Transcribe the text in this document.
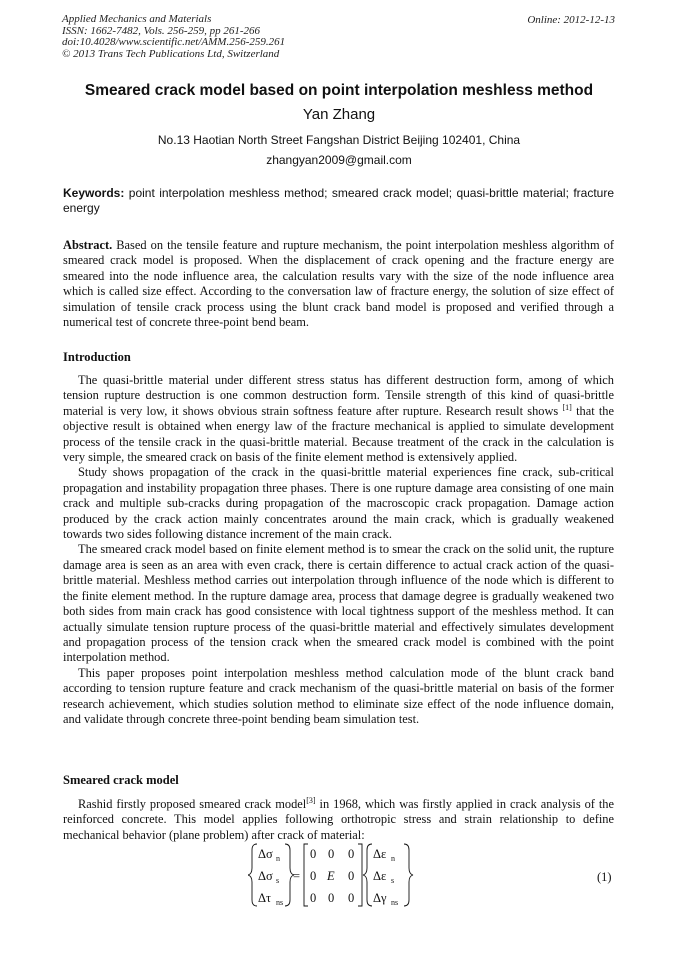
Applied Mechanics and Materials
ISSN: 1662-7482, Vols. 256-259, pp 261-266
doi:10.4028/www.scientific.net/AMM.256-259.261
© 2013 Trans Tech Publications Ltd, Switzerland
Online: 2012-12-13
Smeared crack model based on point interpolation meshless method
Yan Zhang
No.13 Haotian North Street Fangshan District Beijing 102401, China
zhangyan2009@gmail.com
Keywords: point interpolation meshless method; smeared crack model; quasi-brittle material; fracture energy

Abstract. Based on the tensile feature and rupture mechanism, the point interpolation meshless algorithm of smeared crack model is proposed. When the displacement of crack opening and the fracture energy are smeared into the node influence area, the calculation results vary with the size of the node influence area which is called size effect. According to the conversation law of fracture energy, the solution of size effect of simulation of tensile crack process using the blunt crack band model is proposed and verified through a numerical test of concrete three-point bend beam.

Introduction

The quasi-brittle material under different stress status has different destruction form, among of which tension rupture destruction is one common destruction form. Tensile strength of this kind of quasi-brittle material is very low, it shows obvious strain softness feature after rupture. Research result shows [1] that the objective result is obtained when energy law of the fracture mechanical is applied to simulate development process of the tensile crack in the quasi-brittle material. Because treatment of the crack in the calculation is very simple, the smeared crack on basis of the finite element method is extensively applied.

Study shows propagation of the crack in the quasi-brittle material experiences fine crack, sub-critical propagation and instability propagation three phases. There is one rupture damage area consisting of one main crack and multiple sub-cracks during propagation of the macroscopic crack propagation. Damage action produced by the crack action mainly concentrates around the main crack, which is gradually weakened towards two sides following distance increment of the main crack.

The smeared crack model based on finite element method is to smear the crack on the solid unit, the rupture damage area is seen as an area with even crack, there is certain difference to actual crack action of the quasi-brittle material. Meshless method carries out interpolation through influence of the node which is different to the finite element method. In the rupture damage area, process that damage degree is gradually weakened two both sides from main crack has good consistence with local tightness support of the meshless method. It can actually simulate tension rupture process of the quasi-brittle material and effectively simulates development and propagation process of the tension crack when the smeared crack model is combined with the point interpolation method.

This paper proposes point interpolation meshless method calculation mode of the blunt crack band according to tension rupture feature and crack mechanism of the quasi-brittle material on basis of the former research achievement, which studies solution method to eliminate size effect of the node influence domain, and validate through concrete three-point bending beam simulation test.

Smeared crack model

Rashid firstly proposed smeared crack model[3] in 1968, which was firstly applied in crack analysis of the reinforced concrete. This model applies following orthotropic stress and strain relationship to define mechanical behavior (plane problem) after crack of material:

Δσ n
Δσ s
Δτ ns
=
0 0 0
0 E 0
0 0 0
Δε n
Δε s
Δγ ns
(1)
